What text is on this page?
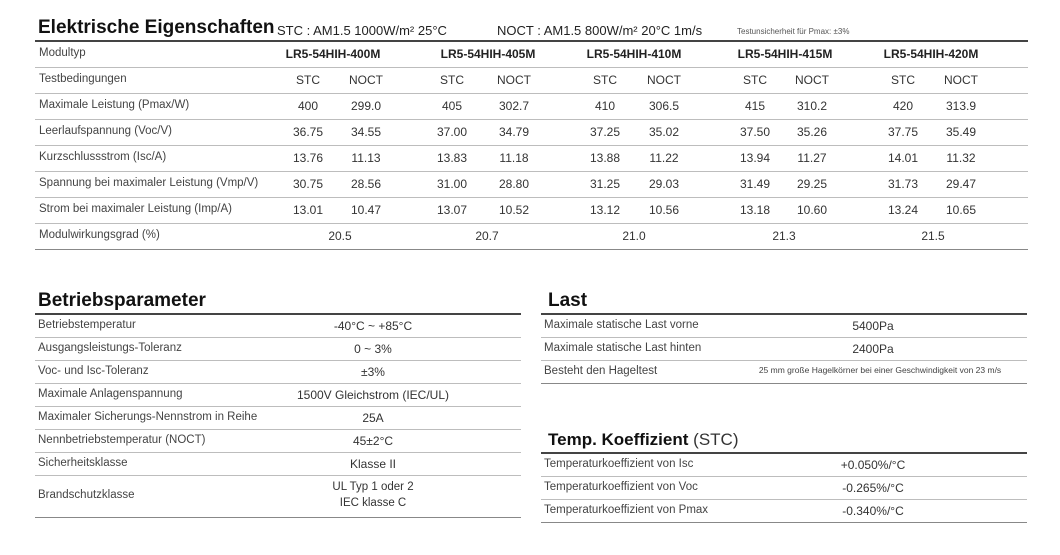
Elektrische Eigenschaften STC : AM1.5 1000W/m² 25°C	NOCT : AM1.5 800W/m² 20°C 1m/s	Testunsicherheit für Pmax: ±3%
Modultyp	LR5-54HIH-400M	LR5-54HIH-405M	LR5-54HIH-410M	LR5-54HIH-415M	LR5-54HIH-420M
Testbedingungen	STC NOCT	STC	NOCT	STC	NOCT	STC NOCT	STC NOCT
Maximale Leistung (Pmax/W)	400	299.0	405	302.7	410	306.5	415	310.2	420	313.9
Leerlaufspannung (Voc/V)	36.75 34.55	37.00	34.79	37.25 35.02	37.50 35.26	37.75 35.49
Kurzschlussstrom (Isc/A)	13.76 11.13	13.83	11.18	13.88 11.22	13.94 11.27	14.01 11.32
Spannung bei maximaler Leistung (Vmp/V)	30.75 28.56	31.00	28.80	31.25 29.03	31.49 29.25	31.73 29.47
Strom bei maximaler Leistung (Imp/A)	13.01 10.47	13.07	10.52	13.12 10.56	13.18 10.60	13.24 10.65
Modulwirkungsgrad (%)	20.5	20.7	21.0	21.3	21.5
Betriebsparameter
Betriebstemperatur	-40°C ~ +85°C
Ausgangsleistungs-Toleranz	0 ~ 3%
Voc- und Isc-Toleranz	±3%
Maximale Anlagenspannung	1500V Gleichstrom (IEC/UL)
Maximaler Sicherungs-Nennstrom in Reihe	25A
Nennbetriebstemperatur (NOCT)	45±2°C
Sicherheitsklasse	Klasse II
Brandschutzklasse
UL Typ 1 oder 2
IEC klasse C
Last
Maximale statische Last vorne	5400Pa
Maximale statische Last hinten	2400Pa
Besteht den Hageltest	25 mm große Hagelkörner bei einer Geschwindigkeit von 23 m/s
Temp. Koeffizient (STC)
Temperaturkoeffizient von Isc	+0.050%/°C
Temperaturkoeffizient von Voc	-0.265%/°C
Temperaturkoeffizient von Pmax	-0.340%/°C
